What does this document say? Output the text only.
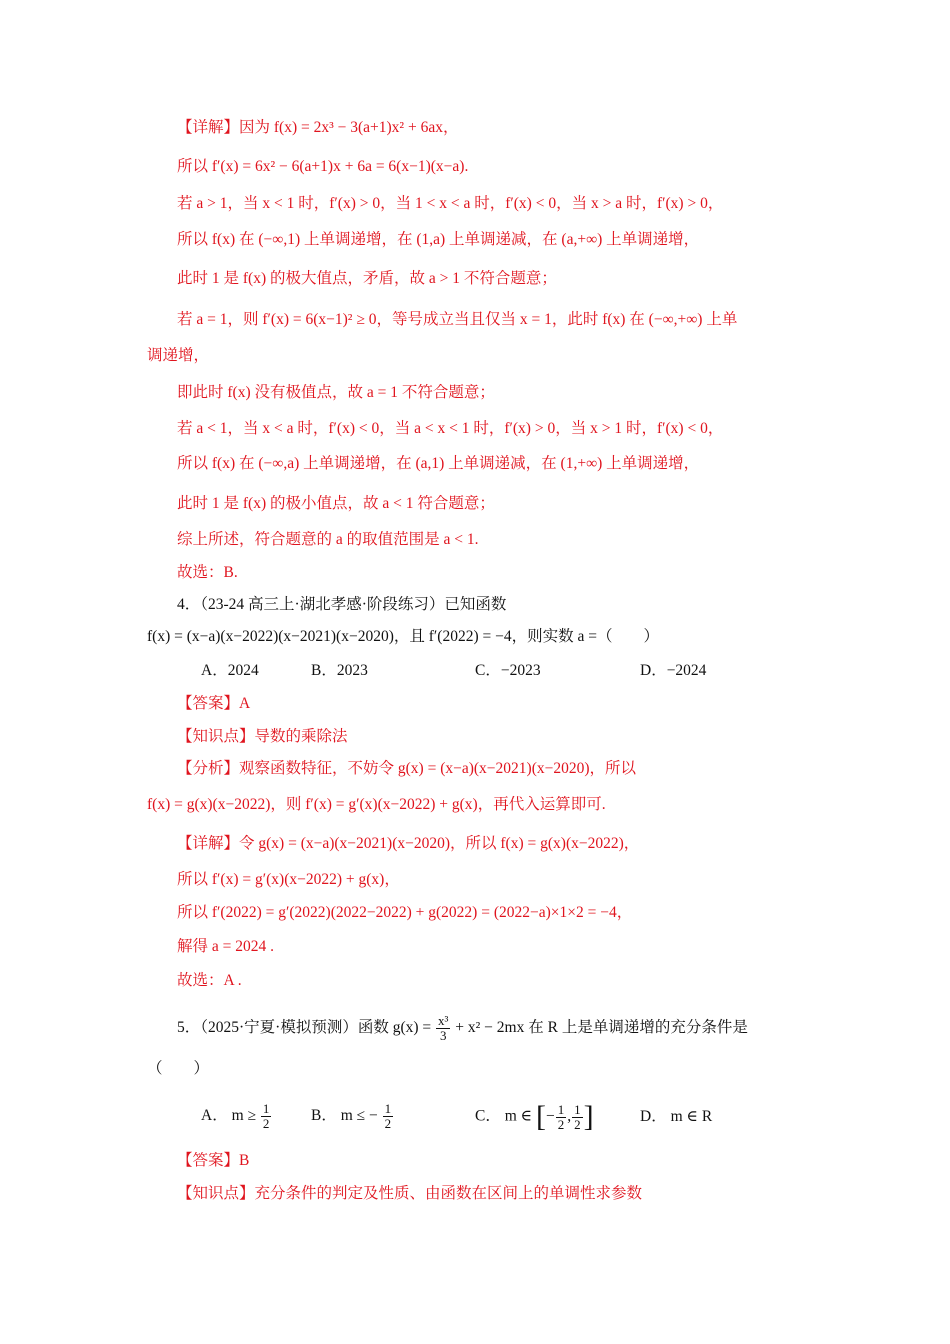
【详解】因为 f(x) = 2x³ − 3(a+1)x² + 6ax，
所以 f′(x) = 6x² − 6(a+1)x + 6a = 6(x−1)(x−a).
若 a > 1，当 x < 1 时，f′(x) > 0，当 1 < x < a 时，f′(x) < 0，当 x > a 时，f′(x) > 0，
所以 f(x) 在 (−∞,1) 上单调递增，在 (1,a) 上单调递减，在 (a,+∞) 上单调递增，
此时 1 是 f(x) 的极大值点，矛盾，故 a > 1 不符合题意；
若 a = 1，则 f′(x) = 6(x−1)² ≥ 0，等号成立当且仅当 x = 1，此时 f(x) 在 (−∞,+∞) 上单
调递增，
即此时 f(x) 没有极值点，故 a = 1 不符合题意；
若 a < 1，当 x < a 时，f′(x) < 0，当 a < x < 1 时，f′(x) > 0，当 x > 1 时，f′(x) < 0，
所以 f(x) 在 (−∞,a) 上单调递增，在 (a,1) 上单调递减，在 (1,+∞) 上单调递增，
此时 1 是 f(x) 的极小值点，故 a < 1 符合题意；
综上所述，符合题意的 a 的取值范围是 a < 1.
故选：B.
4．（23-24 高三上·湖北孝感·阶段练习）已知函数
f(x) = (x−a)(x−2022)(x−2021)(x−2020)，且 f′(2022) = −4，则实数 a =（　　）
A．2024	B．2023	C．−2023	D．−2024
【答案】A
【知识点】导数的乘除法
【分析】观察函数特征，不妨令 g(x) = (x−a)(x−2021)(x−2020)，所以
f(x) = g(x)(x−2022)，则 f′(x) = g′(x)(x−2022) + g(x)，再代入运算即可.
【详解】令 g(x) = (x−a)(x−2021)(x−2020)，所以 f(x) = g(x)(x−2022)，
所以 f′(x) = g′(x)(x−2022) + g(x)，
所以 f′(2022) = g′(2022)(2022−2022) + g(2022) = (2022−a)×1×2 = −4，
解得 a = 2024 .
故选：A .
5．（2025·宁夏·模拟预测）函数 $g(x) = \frac{\text{x³}}{3} + x^2 - 2mx$ 在 R 上是单调递增的充分条件是
（　　）
A． $m \ge \frac{1}{2}$	B． m ≤ − $\frac{1}{2}$	C． m ∈ [− $\frac{1}{2}$ , $\frac{1}{2}$ ]	D． m ∈ R
【答案】B
【知识点】充分条件的判定及性质、由函数在区间上的单调性求参数
